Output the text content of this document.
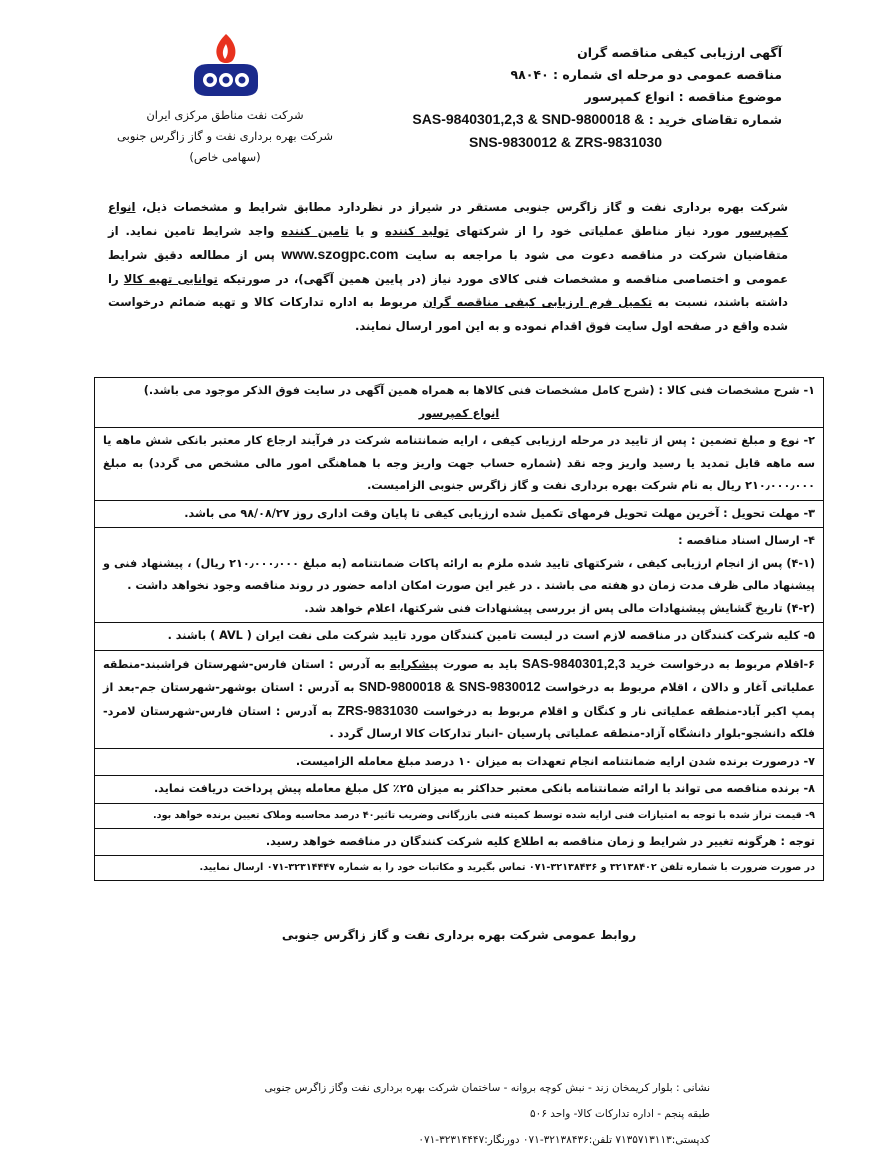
شرکت نفت مناطق مرکزی ایران
شرکت بهره برداری نفت و گاز زاگرس جنوبی
(سهامی خاص)
آگهی ارزیابی کیفی مناقصه گران
مناقصه عمومی دو مرحله ای شماره : ۹۸۰۴۰
موضوع مناقصه : انواع کمپرسور
شماره تقاضای خرید : SAS-9840301,2,3 & SND-9800018 &
SNS-9830012 & ZRS-9831030
شرکت بهره برداری نفت و گاز زاگرس جنوبی مستقر در شیراز در نظردارد مطابق شرایط و مشخصات ذیل، انواع کمپرسور مورد نیاز مناطق عملیاتی خود را از شرکتهای تولید کننده و یا تامین کننده واجد شرایط تامین نماید. از متقاضیان شرکت در مناقصه دعوت می شود با مراجعه به سایت www.szogpc.com پس از مطالعه دقیق شرایط عمومی و اختصاصی مناقصه و مشخصات فنی کالای مورد نیاز (در پایین همین آگهی)، در صورتیکه توانایی تهیه کالا را داشته باشند، نسبت به تکمیل فرم ارزیابی کیفی مناقصه گران مربوط به اداره تدارکات کالا و تهیه ضمائم درخواست شده واقع در صفحه اول سایت فوق اقدام نموده و به این امور ارسال نمایند.
۱- شرح مشخصات فنی کالا : (شرح کامل مشخصات فنی کالاها به همراه همین آگهی در سایت فوق الذکر موجود می باشد.)
انواع کمپرسور
۲- نوع و مبلغ تضمین : پس از تایید در مرحله ارزیابی کیفی ، ارایه ضمانتنامه شرکت در فرآیند ارجاع کار معتبر بانکی شش ماهه یا سه ماهه قابل تمدید یا رسید واریز وجه نقد (شماره حساب جهت واریز وجه با هماهنگی امور مالی مشخص می گردد) به مبلغ ۲۱۰٫۰۰۰٫۰۰۰ ریال به نام شرکت بهره برداری نفت و گاز زاگرس جنوبی الزامیست.
۳- مهلت تحویل : آخرین مهلت تحویل فرمهای تکمیل شده ارزیابی کیفی تا پایان وقت اداری روز ۹۸/۰۸/۲۷ می باشد.
۴- ارسال اسناد مناقصه :
(۴-۱) پس از انجام ارزیابی کیفی ، شرکتهای تایید شده ملزم به ارائه پاکات ضمانتنامه (به مبلغ ۲۱۰٫۰۰۰٫۰۰۰ ریال) ، پیشنهاد فنی و پیشنهاد مالی ظرف مدت زمان دو هفته می باشند . در غیر این صورت امکان ادامه حضور در روند مناقصه وجود نخواهد داشت .
(۴-۲) تاریخ گشایش پیشنهادات مالی پس از بررسی پیشنهادات فنی شرکتها، اعلام خواهد شد.
۵- کلیه شرکت کنندگان در مناقصه لازم است در لیست تامین کنندگان مورد تایید شرکت ملی نفت ایران ( AVL ) باشند .
۶-اقلام مربوط به درخواست خرید SAS-9840301,2,3 باید به صورت پیشکرایه به آدرس : استان فارس-شهرستان فراشبند-منطقه عملیاتی آغار و دالان ، اقلام مربوط به درخواست SND-9800018 & SNS-9830012 به آدرس : استان بوشهر-شهرستان جم-بعد از پمپ اکبر آباد-منطقه عملیاتی نار و کنگان و اقلام مربوط به درخواست ZRS-9831030 به آدرس : استان فارس-شهرستان لامرد-فلکه دانشجو-بلوار دانشگاه آزاد-منطقه عملیاتی پارسیان -انبار تدارکات کالا ارسال گردد .
۷- درصورت برنده شدن ارایه ضمانتنامه انجام تعهدات به میزان ۱۰ درصد مبلغ معامله الزامیست.
۸- برنده مناقصه می تواند با ارائه ضمانتنامه بانکی معتبر حداکثر به میزان ۲۵٪ کل مبلغ معامله پیش پرداخت دریافت نماید.
۹- قیمت تراز شده با توجه به امتیازات فنی ارایه شده توسط کمیته فنی بازرگانی وضریب تاثیر۴۰ درصد محاسبه وملاک تعیین برنده خواهد بود.
توجه : هرگونه تغییر در شرایط و زمان مناقصه به اطلاع کلیه شرکت کنندگان در مناقصه خواهد رسید.
در صورت ضرورت با شماره تلفن ۳۲۱۳۸۴۰۲ و ۳۲۱۳۸۴۳۶-۰۷۱ تماس بگیرید و مکاتبات خود را به شماره ۳۲۳۱۴۴۴۷-۰۷۱ ارسال نمایید.
روابط عمومی شرکت بهره برداری نفت و گاز زاگرس جنوبی
نشانی : بلوار کریمخان زند - نبش کوچه بروانه - ساختمان شرکت بهره برداری نفت وگاز زاگرس جنوبی
طبقه پنجم - اداره تدارکات کالا- واحد ۵۰۶
کدپستی:۷۱۳۵۷۱۳۱۱۳ تلفن:۳۲۱۳۸۴۳۶-۰۷۱ دورنگار:۳۲۳۱۴۴۴۷-۰۷۱
